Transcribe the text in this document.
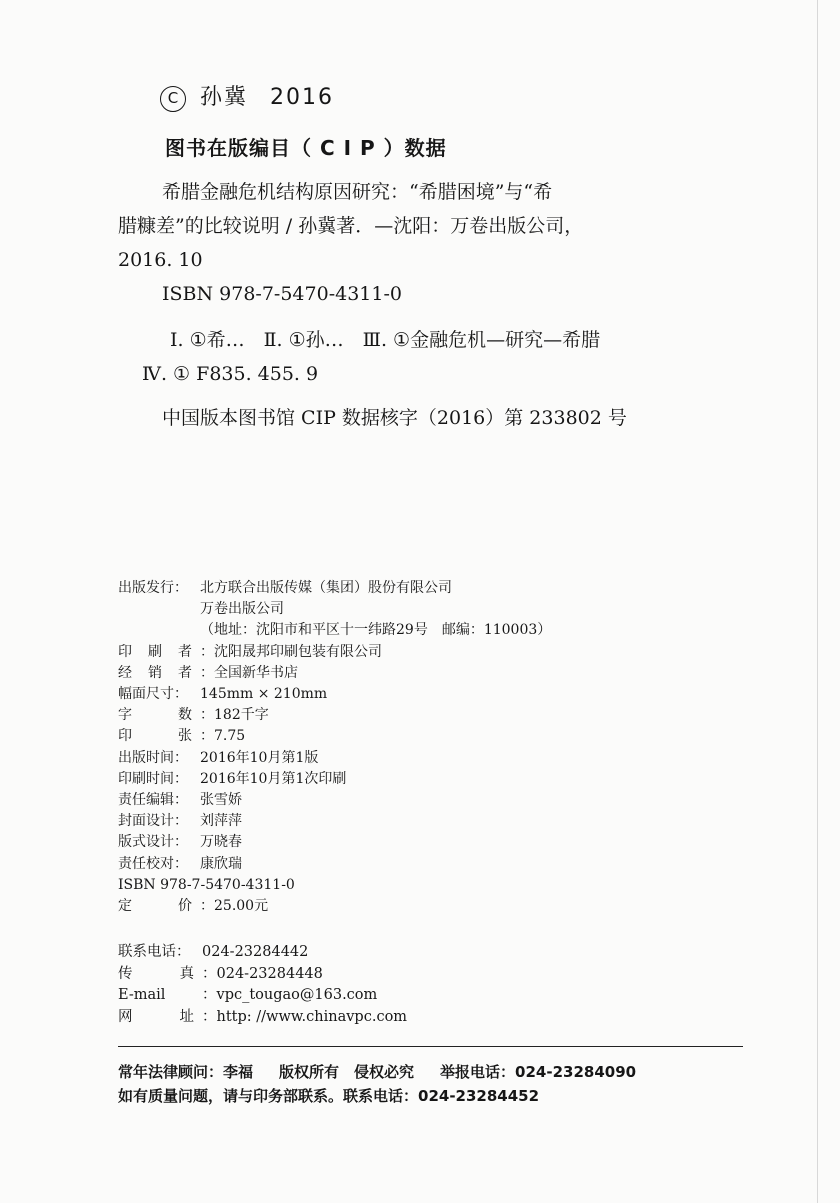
C 孙冀 2016
图书在版编目（ C I P ）数据

希腊金融危机结构原因研究：“希腊困境”与“希

腊糠差”的比较说明 / 孙冀著．—沈阳：万卷出版公司，

2016. 10

ISBN 978-7-5470-4311-0

Ⅰ. ①希…　Ⅱ. ①孙…　Ⅲ. ①金融危机—研究—希腊

Ⅳ. ① F835. 455. 9

中国版本图书馆 CIP 数据核字（2016）第 233802 号

出版发行： 北方联合出版传媒（集团）股份有限公司
万卷出版公司
（地址：沈阳市和平区十一纬路29号　邮编：110003）
印 刷 者 ：沈阳晟邦印刷包装有限公司
经 销 者 ：全国新华书店
幅面尺寸： 145mm × 210mm
字　 数 ：182千字
印　 张 ：7.75
出版时间： 2016年10月第1版
印刷时间： 2016年10月第1次印刷
责任编辑： 张雪娇
封面设计： 刘萍萍
版式设计： 万晓春
责任校对： 康欣瑞
ISBN 978-7-5470-4311-0
定　 价 ：25.00元
联系电话： 024-23284442
传　 真 ：024-23284448
E-mail	：vpc_tougao@163.com
网　 址 ：http: //www.chinavpc.com
常年法律顾问：李福 版权所有　侵权必究 举报电话：024-23284090
如有质量问题，请与印务部联系。联系电话：024-23284452
